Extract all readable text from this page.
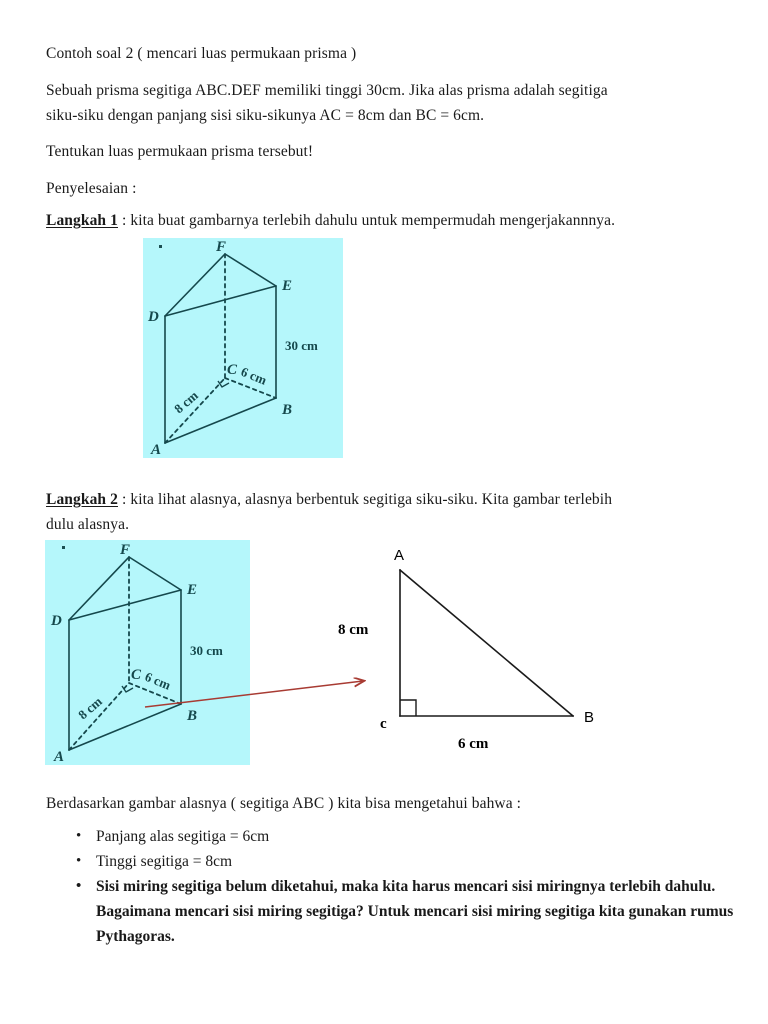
Contoh soal 2 ( mencari luas permukaan prisma )
Sebuah prisma segitiga ABC.DEF memiliki tinggi 30cm. Jika alas prisma adalah segitiga
siku-siku dengan panjang sisi siku-sikunya AC = 8cm dan BC = 6cm.
Tentukan luas permukaan prisma tersebut!
Penyelesaian :
Langkah 1 : kita buat gambarnya terlebih dahulu untuk mempermudah mengerjakannnya.
A
B
C
D
E
F
30 cm
8 cm
6 cm
Langkah 2 : kita lihat alasnya, alasnya berbentuk segitiga siku-siku. Kita gambar terlebih
dulu alasnya.
A
B
C
D
E
F
30 cm
8 cm
6 cm
A
B
c
8 cm
6 cm
Berdasarkan gambar alasnya ( segitiga ABC ) kita bisa mengetahui bahwa :
• Panjang alas segitiga = 6cm
• Tinggi segitiga = 8cm
• Sisi miring segitiga belum diketahui, maka kita harus mencari sisi miringnya terlebih dahulu. Bagaimana mencari sisi miring segitiga? Untuk mencari sisi miring segitiga kita gunakan rumus Pythagoras.
